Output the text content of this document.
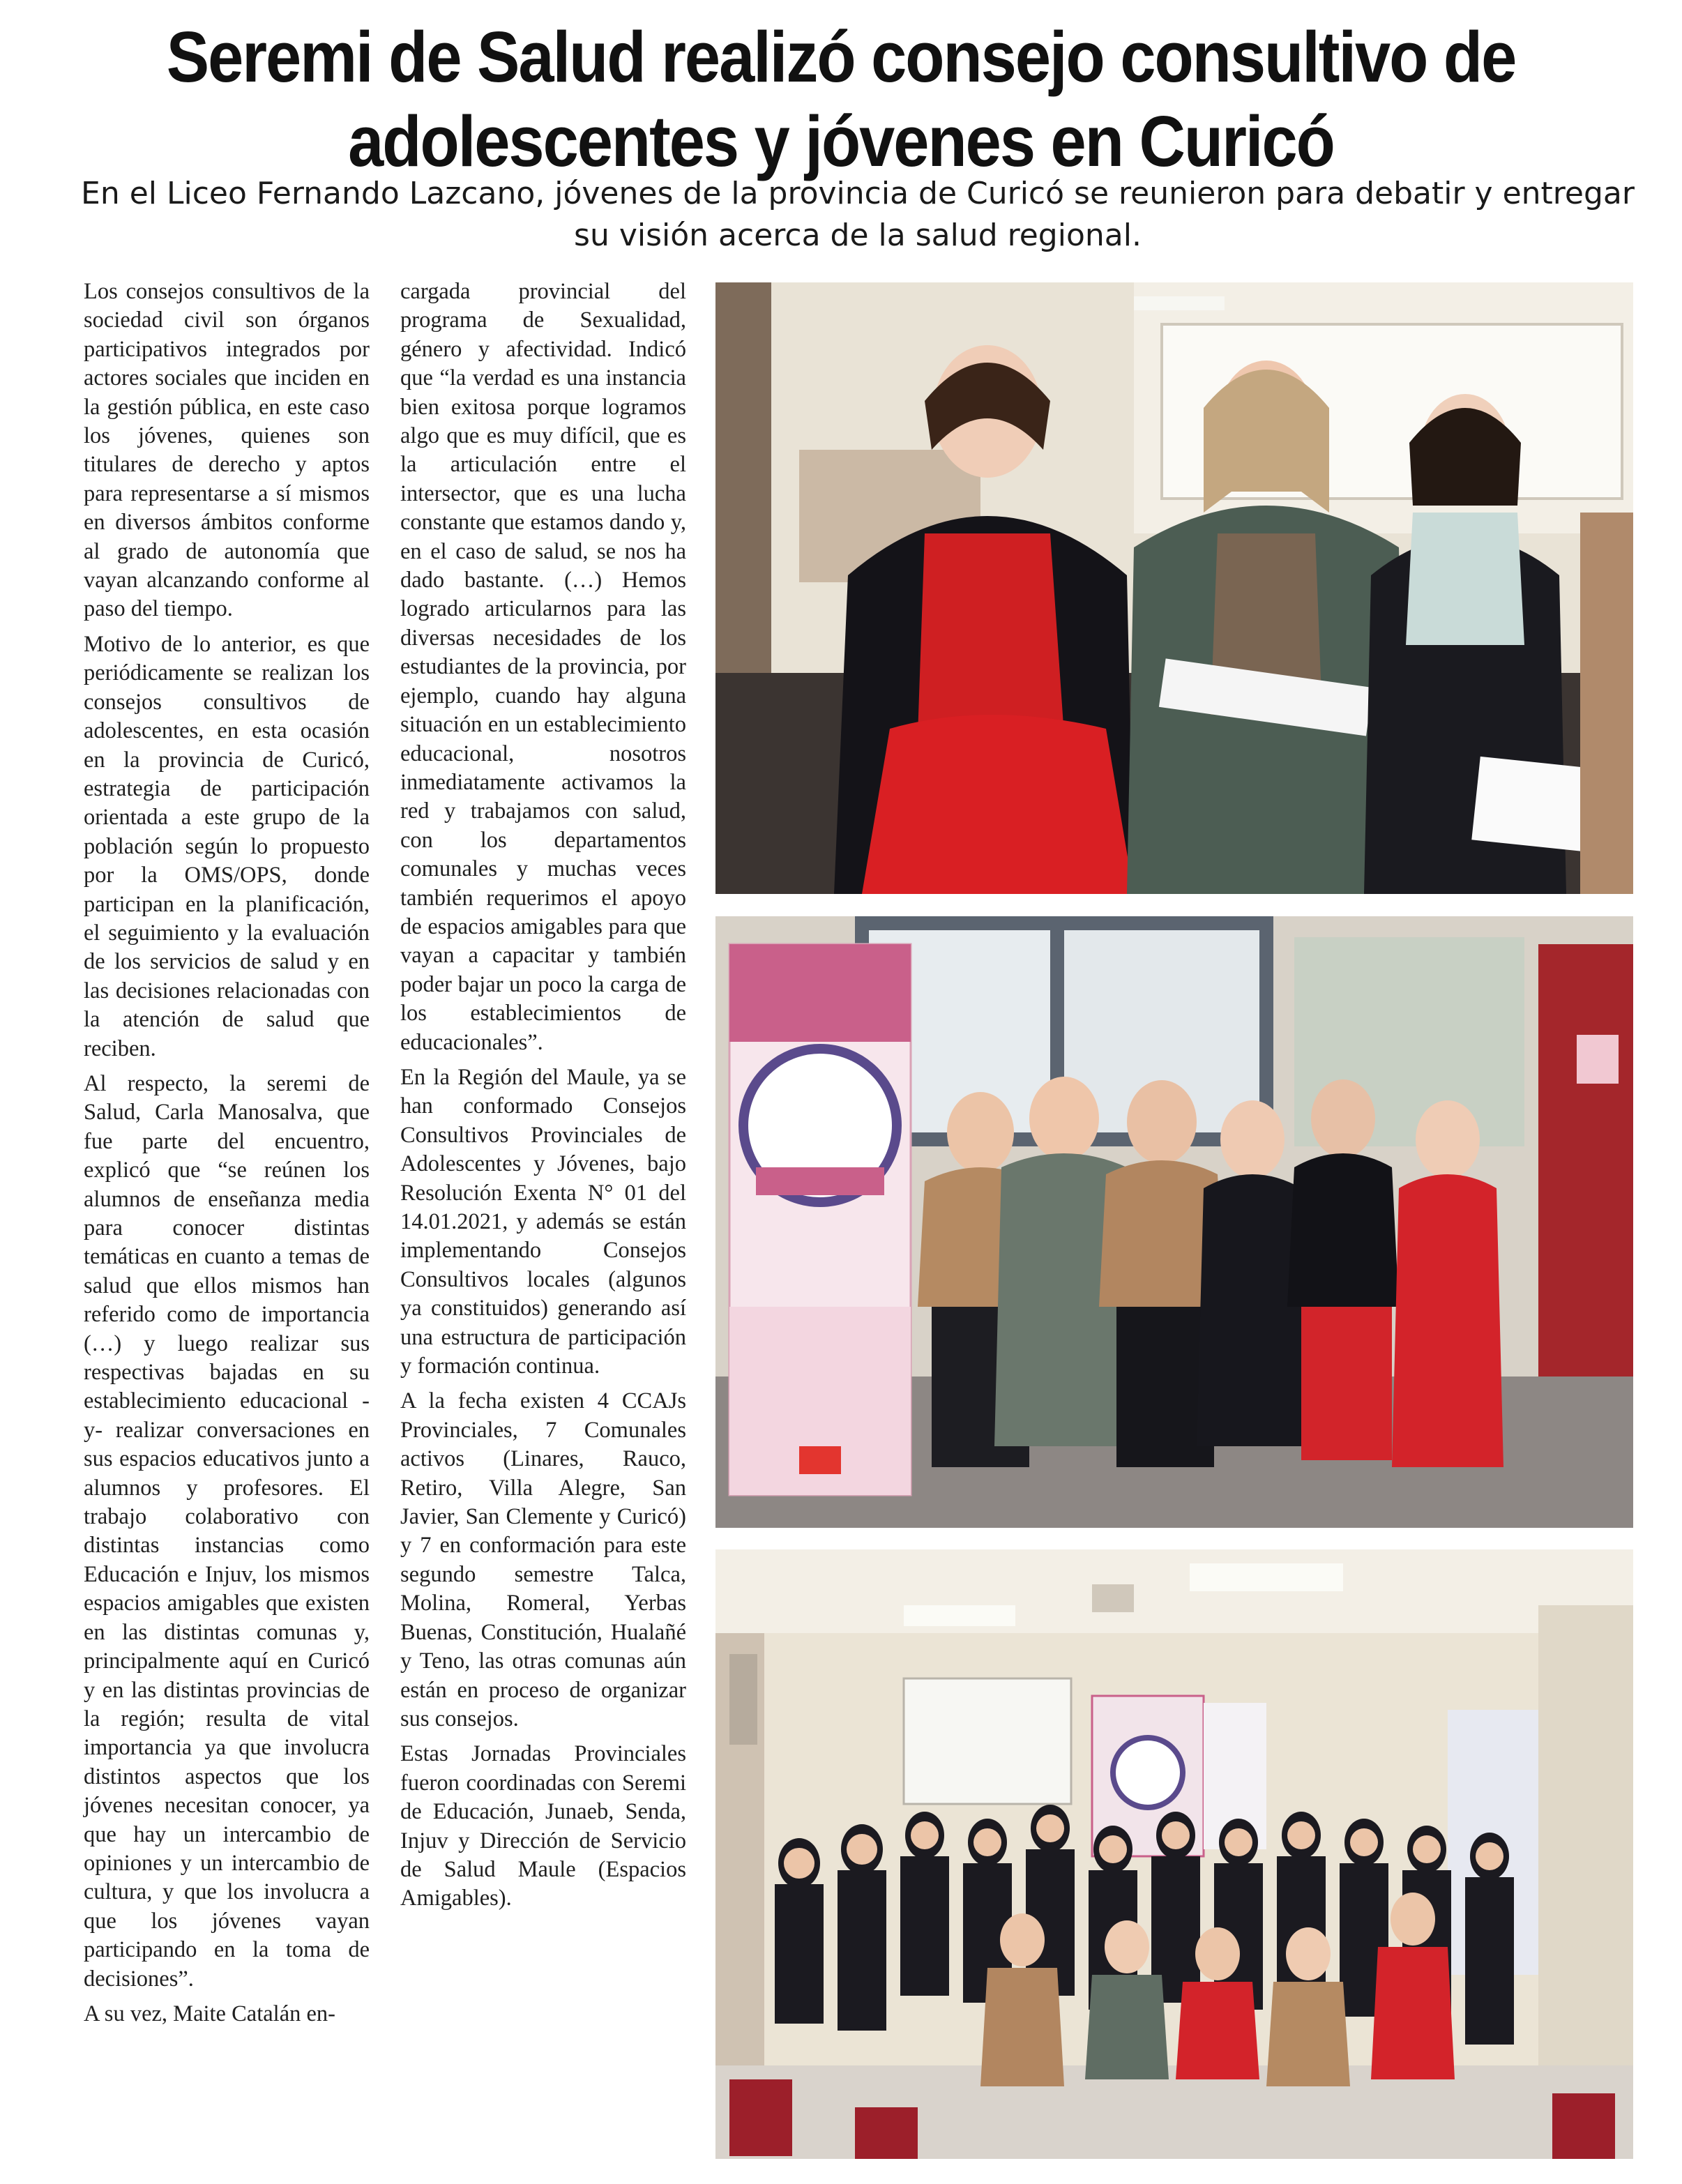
Seremi de Salud realizó consejo consultivo de
adolescentes y jóvenes en Curicó

En el Liceo Fernando Lazcano, jóvenes de la provincia de Curicó se reunieron para debatir y entregar
su visión acerca de la salud regional.

Los consejos consultivos de la sociedad civil son órganos participativos integrados por actores sociales que inciden en la gestión pública, en este caso los jóvenes, quienes son titulares de derecho y aptos para representarse a sí mismos en diversos ámbitos conforme al grado de autonomía que vayan alcanzando conforme al paso del tiempo.

Motivo de lo anterior, es que periódicamente se realizan los consejos consultivos de adolescentes, en esta ocasión en la provincia de Curicó, estrategia de participación orientada a este grupo de la población según lo propuesto por la OMS/OPS, donde participan en la planificación, el seguimiento y la evaluación de los servicios de salud y en las decisiones relacionadas con la atención de salud que reciben.

Al respecto, la seremi de Salud, Carla Manosalva, que fue parte del encuentro, explicó que “se reúnen los alumnos de enseñanza media para conocer distintas temáticas en cuanto a temas de salud que ellos mismos han referido como de importancia (…) y luego realizar sus respectivas bajadas en su establecimiento educacional -y- realizar conversaciones en sus espacios educativos junto a alumnos y profesores. El trabajo colaborativo con distintas instancias como Educación e Injuv, los mismos espacios amigables que existen en las distintas comunas y, principalmente aquí en Curicó y en las distintas provincias de la región; resulta de vital importancia ya que involucra distintos aspectos que los jóvenes necesitan conocer, ya que hay un intercambio de opiniones y un intercambio de cultura, y que los involucra a que los jóvenes vayan participando en la toma de decisiones”.

A su vez, Maite Catalán en-

cargada provincial del programa de Sexualidad, género y afectividad. Indicó que “la verdad es una instancia bien exitosa porque logramos algo que es muy difícil, que es la articulación entre el intersector, que es una lucha constante que estamos dando y, en el caso de salud, se nos ha dado bastante. (…) Hemos logrado articularnos para las diversas necesidades de los estudiantes de la provincia, por ejemplo, cuando hay alguna situación en un establecimiento educacional, nosotros inmediatamente activamos la red y trabajamos con salud, con los departamentos comunales y muchas veces también requerimos el apoyo de espacios amigables para que vayan a capacitar y también poder bajar un poco la carga de los establecimientos de educacionales”.

En la Región del Maule, ya se han conformado Consejos Consultivos Provinciales de Adolescentes y Jóvenes, bajo Resolución Exenta N° 01 del 14.01.2021, y además se están implementando Consejos Consultivos locales (algunos ya constituidos) generando así una estructura de participación y formación continua.

A la fecha existen 4 CCAJs Provinciales, 7 Comunales activos (Linares, Rauco, Retiro, Villa Alegre, San Javier, San Clemente y Curicó) y 7 en conformación para este segundo semestre Talca, Molina, Romeral, Yerbas Buenas, Constitución, Hualañé y Teno, las otras comunas aún están en proceso de organizar sus consejos.

Estas Jornadas Provinciales fueron coordinadas con Seremi de Educación, Junaeb, Senda, Injuv y Dirección de Servicio de Salud Maule (Espacios Amigables).
